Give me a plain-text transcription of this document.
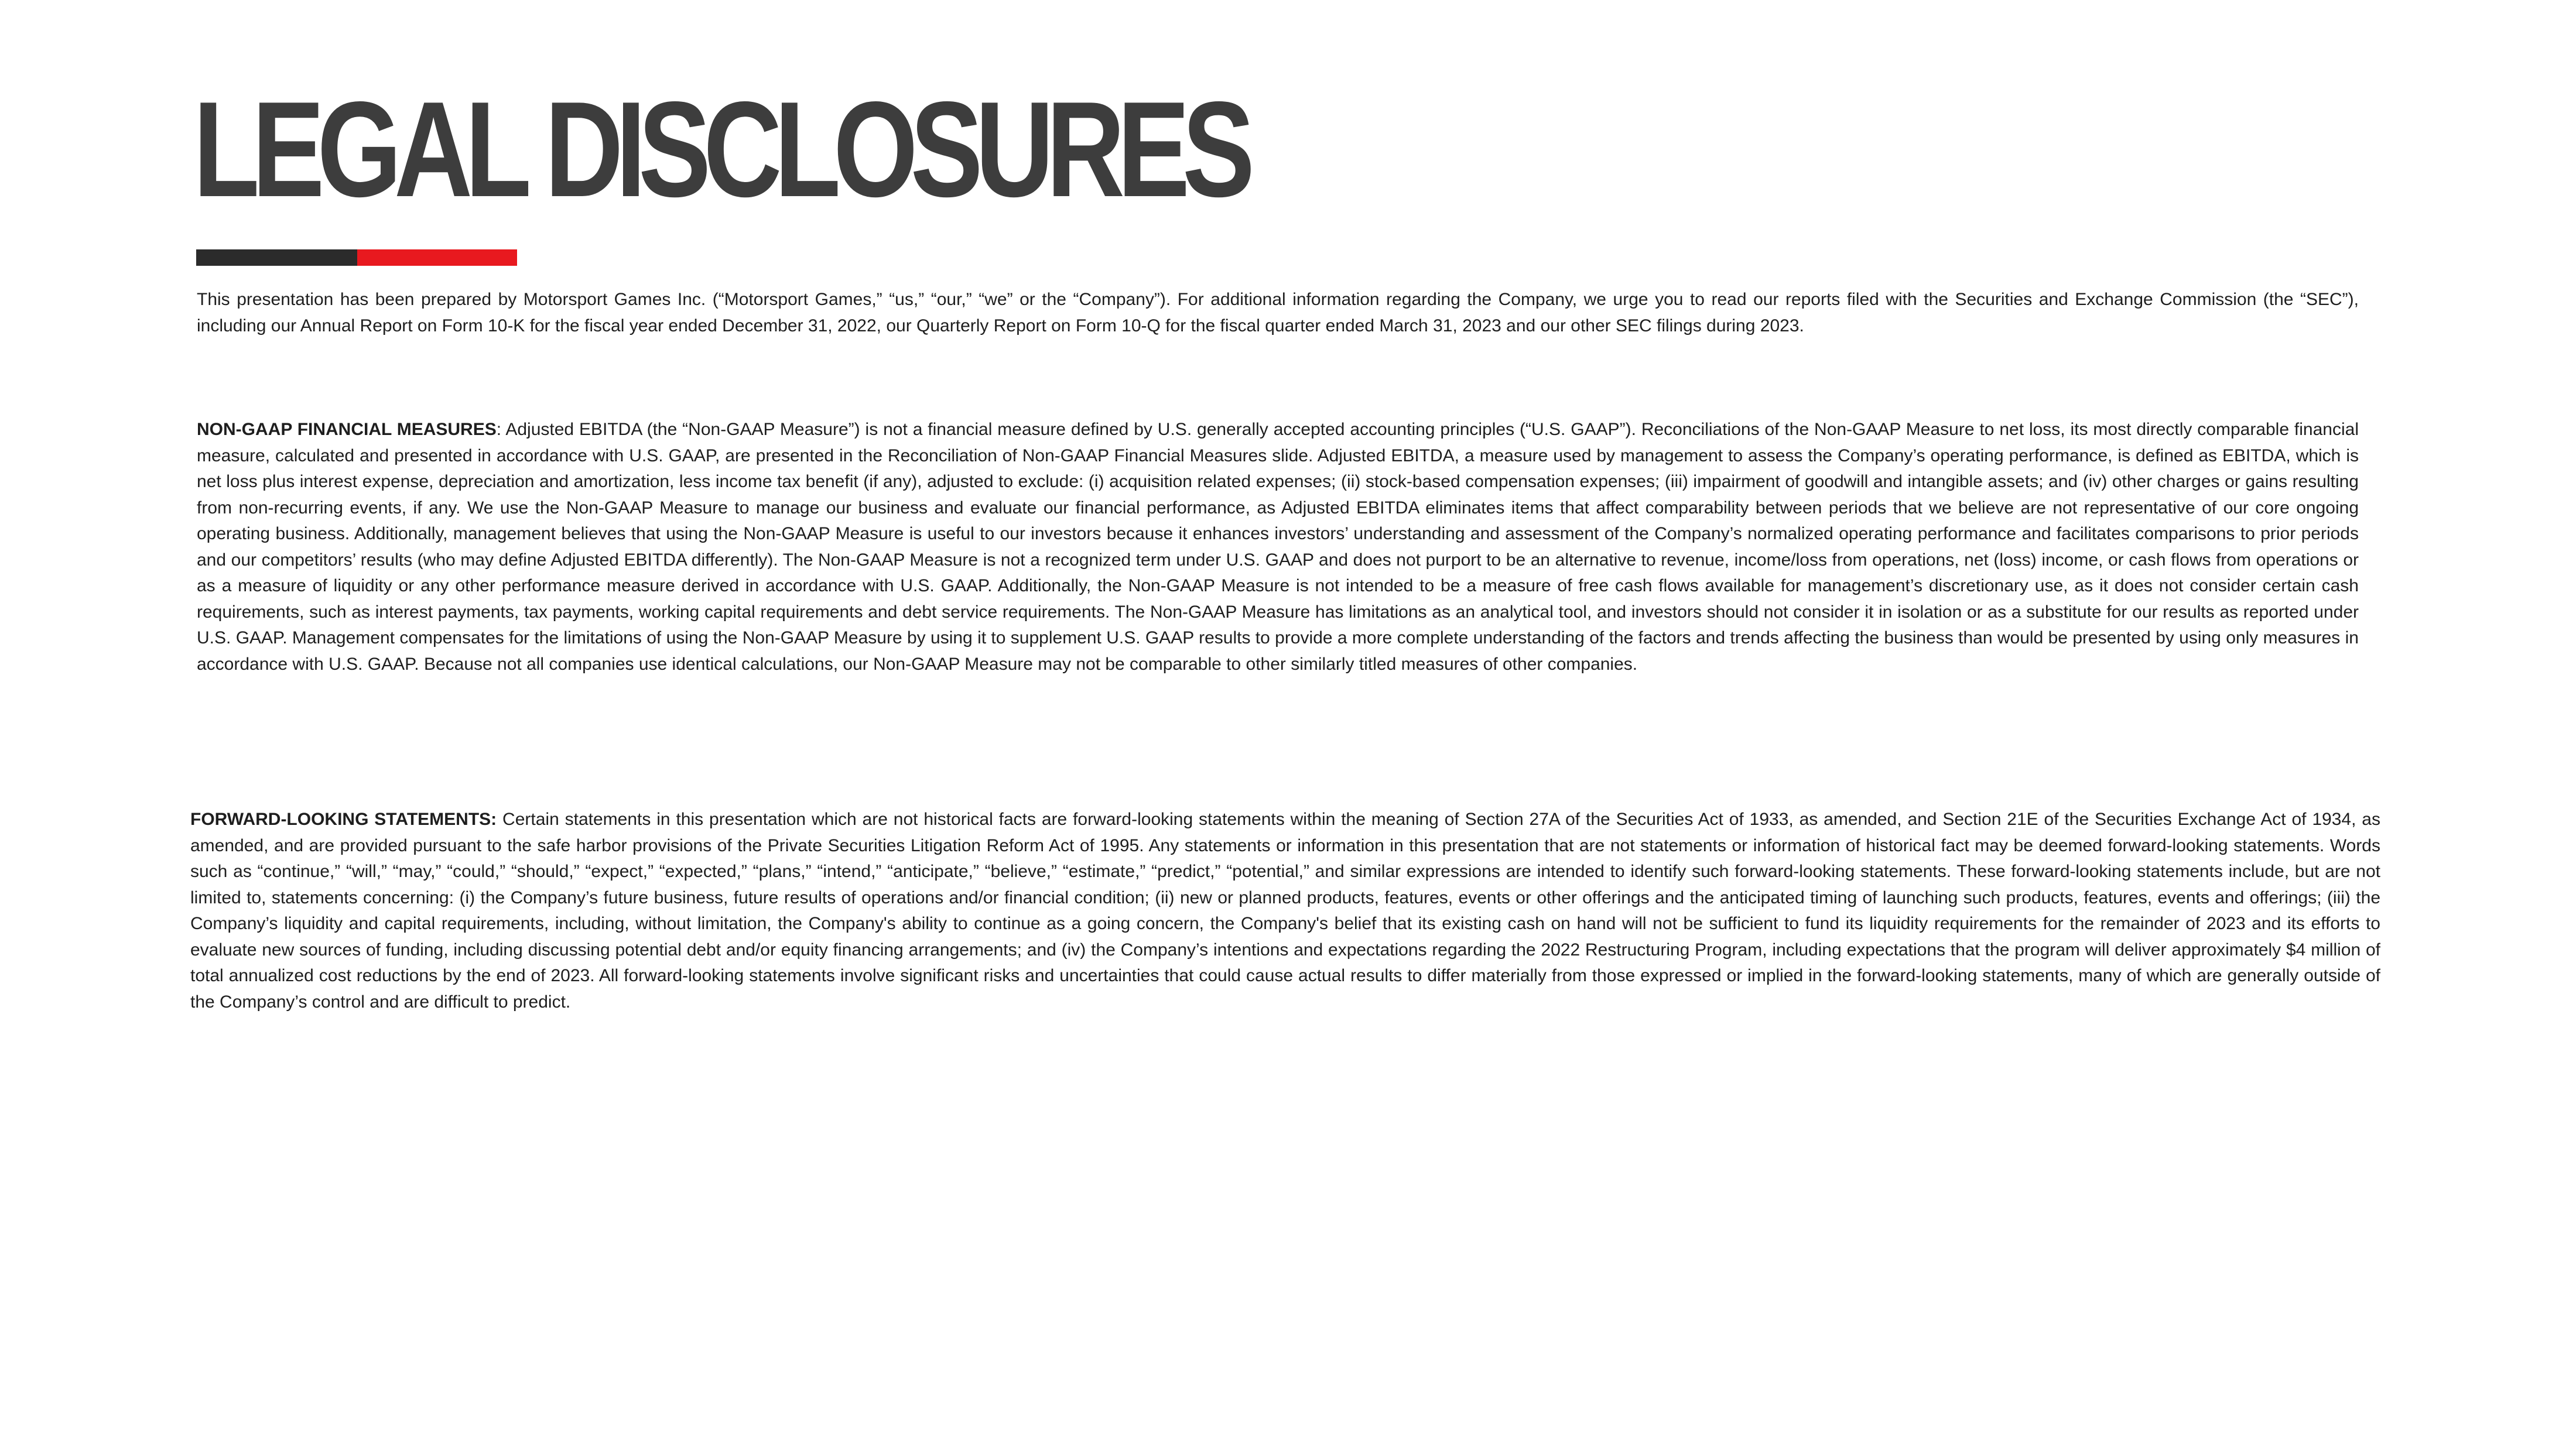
LEGAL DISCLOSURES

This presentation has been prepared by Motorsport Games Inc. (“Motorsport Games,” “us,” “our,” “we” or the “Company”). For additional information regarding the Company, we urge you to read our reports filed with the Securities and Exchange Commission (the “SEC”), including our Annual Report on Form 10-K for the fiscal year ended December 31, 2022, our Quarterly Report on Form 10-Q for the fiscal quarter ended March 31, 2023 and our other SEC filings during 2023.

NON-GAAP FINANCIAL MEASURES: Adjusted EBITDA (the “Non-GAAP Measure”) is not a financial measure defined by U.S. generally accepted accounting principles (“U.S. GAAP”). Reconciliations of the Non-GAAP Measure to net loss, its most directly comparable financial measure, calculated and presented in accordance with U.S. GAAP, are presented in the Reconciliation of Non-GAAP Financial Measures slide. Adjusted EBITDA, a measure used by management to assess the Company’s operating performance, is defined as EBITDA, which is net loss plus interest expense, depreciation and amortization, less income tax benefit (if any), adjusted to exclude: (i) acquisition related expenses; (ii) stock-based compensation expenses; (iii) impairment of goodwill and intangible assets; and (iv) other charges or gains resulting from non-recurring events, if any. We use the Non-GAAP Measure to manage our business and evaluate our financial performance, as Adjusted EBITDA eliminates items that affect comparability between periods that we believe are not representative of our core ongoing operating business. Additionally, management believes that using the Non-GAAP Measure is useful to our investors because it enhances investors’ understanding and assessment of the Company’s normalized operating performance and facilitates comparisons to prior periods and our competitors’ results (who may define Adjusted EBITDA differently). The Non-GAAP Measure is not a recognized term under U.S. GAAP and does not purport to be an alternative to revenue, income/loss from operations, net (loss) income, or cash flows from operations or as a measure of liquidity or any other performance measure derived in accordance with U.S. GAAP. Additionally, the Non-GAAP Measure is not intended to be a measure of free cash flows available for management’s discretionary use, as it does not consider certain cash requirements, such as interest payments, tax payments, working capital requirements and debt service requirements. The Non-GAAP Measure has limitations as an analytical tool, and investors should not consider it in isolation or as a substitute for our results as reported under U.S. GAAP. Management compensates for the limitations of using the Non-GAAP Measure by using it to supplement U.S. GAAP results to provide a more complete understanding of the factors and trends affecting the business than would be presented by using only measures in accordance with U.S. GAAP. Because not all companies use identical calculations, our Non-GAAP Measure may not be comparable to other similarly titled measures of other companies.

FORWARD-LOOKING STATEMENTS: Certain statements in this presentation which are not historical facts are forward-looking statements within the meaning of Section 27A of the Securities Act of 1933, as amended, and Section 21E of the Securities Exchange Act of 1934, as amended, and are provided pursuant to the safe harbor provisions of the Private Securities Litigation Reform Act of 1995. Any statements or information in this presentation that are not statements or information of historical fact may be deemed forward-looking statements. Words such as “continue,” “will,” “may,” “could,” “should,” “expect,” “expected,” “plans,” “intend,” “anticipate,” “believe,” “estimate,” “predict,” “potential,” and similar expressions are intended to identify such forward-looking statements. These forward-looking statements include, but are not limited to, statements concerning: (i) the Company’s future business, future results of operations and/or financial condition; (ii) new or planned products, features, events or other offerings and the anticipated timing of launching such products, features, events and offerings; (iii) the Company’s liquidity and capital requirements, including, without limitation, the Company's ability to continue as a going concern, the Company's belief that its existing cash on hand will not be sufficient to fund its liquidity requirements for the remainder of 2023 and its efforts to evaluate new sources of funding, including discussing potential debt and/or equity financing arrangements; and (iv) the Company’s intentions and expectations regarding the 2022 Restructuring Program, including expectations that the program will deliver approximately $4 million of total annualized cost reductions by the end of 2023. All forward-looking statements involve significant risks and uncertainties that could cause actual results to differ materially from those expressed or implied in the forward-looking statements, many of which are generally outside of the Company’s control and are difficult to predict.
